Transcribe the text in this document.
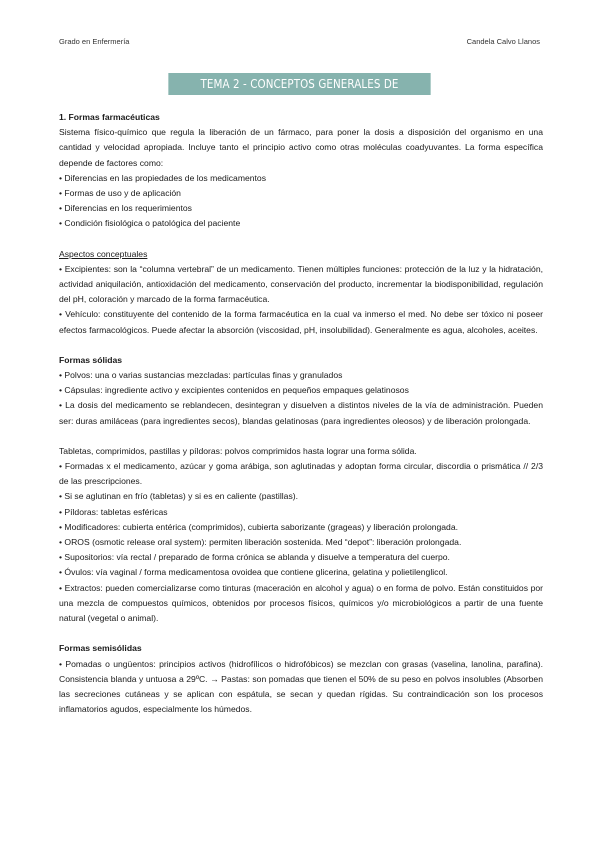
Grado en Enfermería	Candela Calvo Llanos
TEMA 2 - CONCEPTOS GENERALES DE FARMACOLOGÍA

1. Formas farmacéuticas

Sistema físico-químico que regula la liberación de un fármaco, para poner la dosis a disposición del organismo en una cantidad y velocidad apropiada. Incluye tanto el principio activo como otras moléculas coadyuvantes. La forma específica depende de factores como:

• Diferencias en las propiedades de los medicamentos

• Formas de uso y de aplicación

• Diferencias en los requerimientos

• Condición fisiológica o patológica del paciente

Aspectos conceptuales

• Excipientes: son la “columna vertebral” de un medicamento. Tienen múltiples funciones: protección de la luz y la hidratación, actividad aniquilación, antioxidación del medicamento, conservación del producto, incrementar la biodisponibilidad, regulación del pH, coloración y marcado de la forma farmacéutica.

• Vehículo: constituyente del contenido de la forma farmacéutica en la cual va inmerso el med. No debe ser tóxico ni poseer efectos farmacológicos. Puede afectar la absorción (viscosidad, pH, insolubilidad). Generalmente es agua, alcoholes, aceites.

Formas sólidas

• Polvos: una o varias sustancias mezcladas: partículas finas y granulados

• Cápsulas: ingrediente activo y excipientes contenidos en pequeños empaques gelatinosos

• La dosis del medicamento se reblandecen, desintegran y disuelven a distintos niveles de la vía de administración. Pueden ser: duras amiláceas (para ingredientes secos), blandas gelatinosas (para ingredientes oleosos) y de liberación prolongada.

Tabletas, comprimidos, pastillas y píldoras: polvos comprimidos hasta lograr una forma sólida.

• Formadas x el medicamento, azúcar y goma arábiga, son aglutinadas y adoptan forma circular, discordia o prismática // 2/3 de las prescripciones.

• Si se aglutinan en frío (tabletas) y si es en caliente (pastillas).

• Píldoras: tabletas esféricas

• Modificadores: cubierta entérica (comprimidos), cubierta saborizante (grageas) y liberación prolongada.

• OROS (osmotic release oral system): permiten liberación sostenida. Med “depot”: liberación prolongada.

• Supositorios: vía rectal / preparado de forma crónica se ablanda y disuelve a temperatura del cuerpo.

• Óvulos: vía vaginal / forma medicamentosa ovoidea que contiene glicerina, gelatina y polietilenglicol.

• Extractos: pueden comercializarse como tinturas (maceración en alcohol y agua) o en forma de polvo. Están constituidos por una mezcla de compuestos químicos, obtenidos por procesos físicos, químicos y/o microbiológicos a partir de una fuente natural (vegetal o animal).

Formas semisólidas

• Pomadas o ungüentos: principios activos (hidrofílicos o hidrofóbicos) se mezclan con grasas (vaselina, lanolina, parafina). Consistencia blanda y untuosa a 29ºC. → Pastas: son pomadas que tienen el 50% de su peso en polvos insolubles (Absorben las secreciones cutáneas y se aplican con espátula, se secan y quedan rígidas. Su contraindicación son los procesos inflamatorios agudos, especialmente los húmedos.
